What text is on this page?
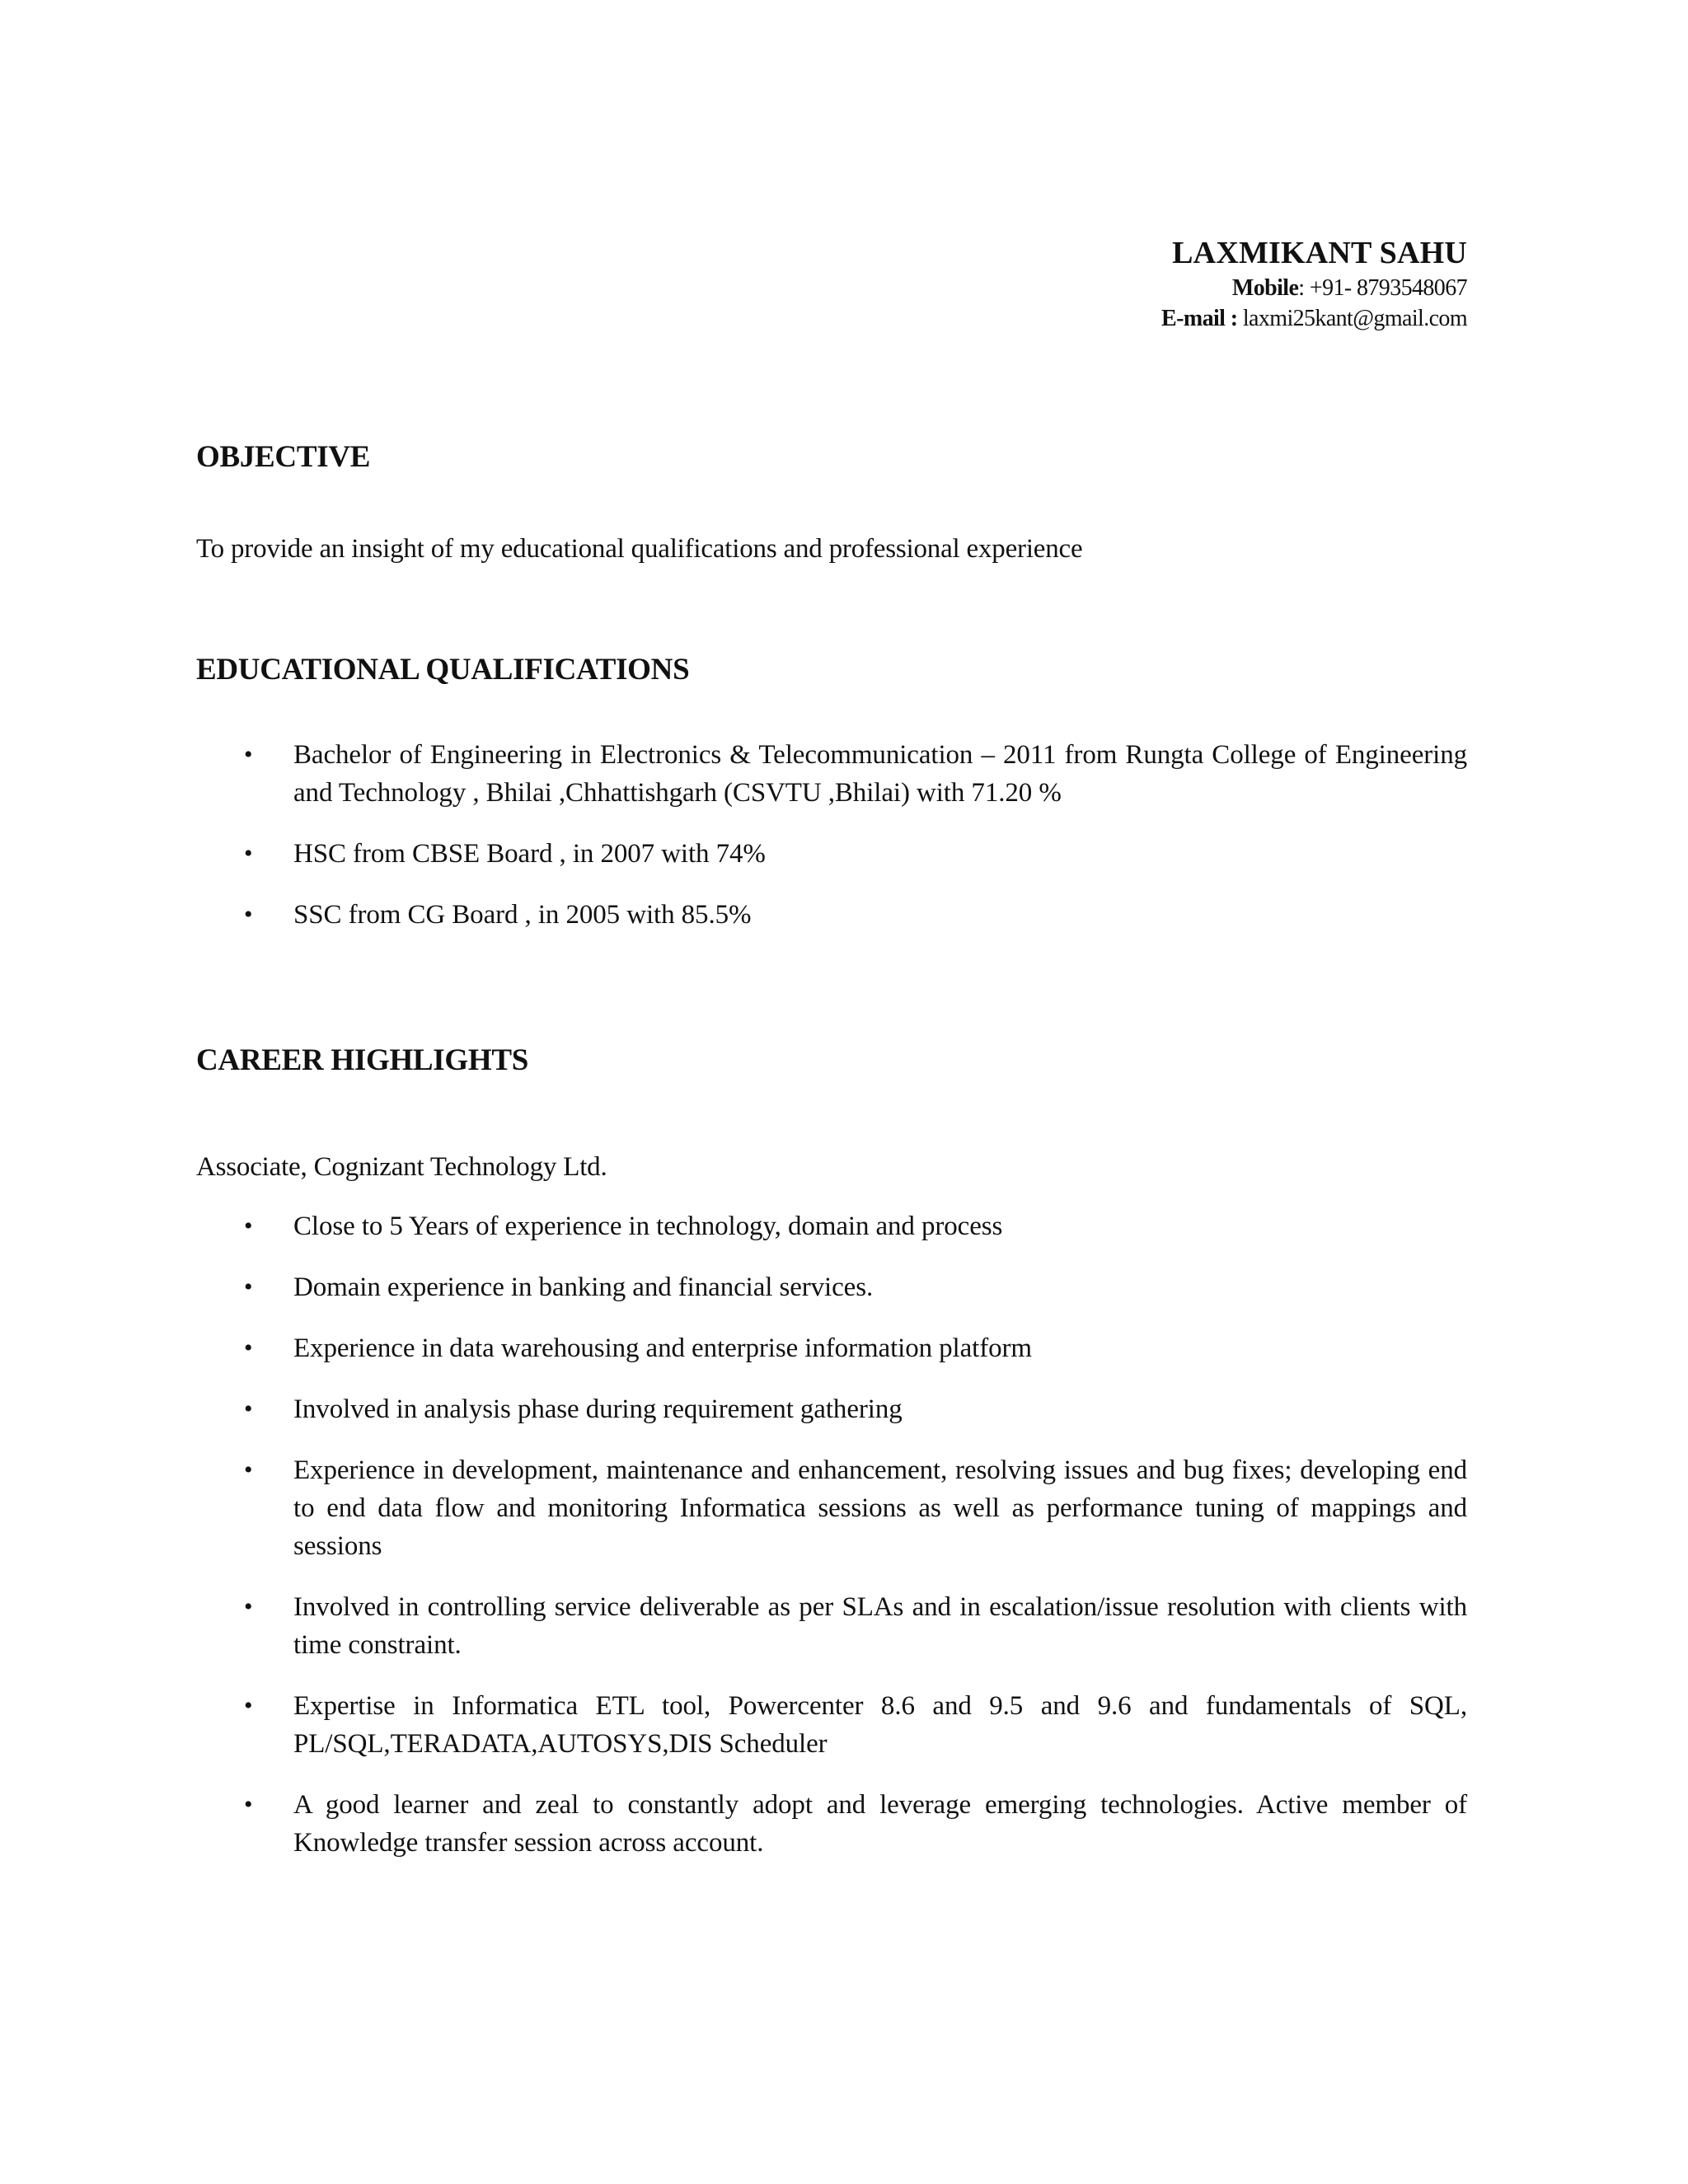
LAXMIKANT SAHU
Mobile: +91- 8793548067
E-mail : laxmi25kant@gmail.com
OBJECTIVE
To provide an insight of my educational qualifications and professional experience
EDUCATIONAL QUALIFICATIONS
• Bachelor of Engineering in Electronics & Telecommunication – 2011 from Rungta College of Engineering and Technology , Bhilai ,Chhattishgarh (CSVTU ,Bhilai) with 71.20 %
• HSC from CBSE Board , in 2007 with 74%
• SSC from CG Board , in 2005 with 85.5%
CAREER HIGHLIGHTS
Associate, Cognizant Technology Ltd.
• Close to 5 Years of experience in technology, domain and process
• Domain experience in banking and financial services.
• Experience in data warehousing and enterprise information platform
• Involved in analysis phase during requirement gathering
• Experience in development, maintenance and enhancement, resolving issues and bug fixes; developing end to end data flow and monitoring Informatica sessions as well as performance tuning of mappings and sessions
• Involved in controlling service deliverable as per SLAs and in escalation/issue resolution with clients with time constraint.
• Expertise in Informatica ETL tool, Powercenter 8.6 and 9.5 and 9.6 and fundamentals of SQL, PL/SQL,TERADATA,AUTOSYS,DIS Scheduler
• A good learner and zeal to constantly adopt and leverage emerging technologies. Active member of Knowledge transfer session across account.
